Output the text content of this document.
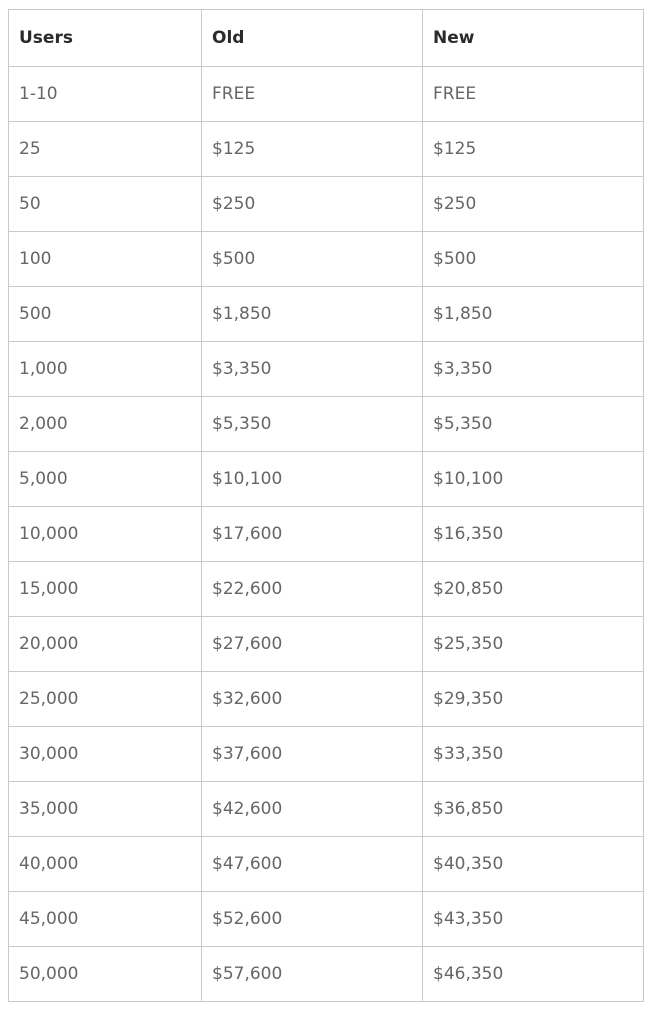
Users	Old	New
1-10	FREE	FREE
25	$125	$125
50	$250	$250
100	$500	$500
500	$1,850	$1,850
1,000	$3,350	$3,350
2,000	$5,350	$5,350
5,000	$10,100	$10,100
10,000	$17,600	$16,350
15,000	$22,600	$20,850
20,000	$27,600	$25,350
25,000	$32,600	$29,350
30,000	$37,600	$33,350
35,000	$42,600	$36,850
40,000	$47,600	$40,350
45,000	$52,600	$43,350
50,000	$57,600	$46,350
